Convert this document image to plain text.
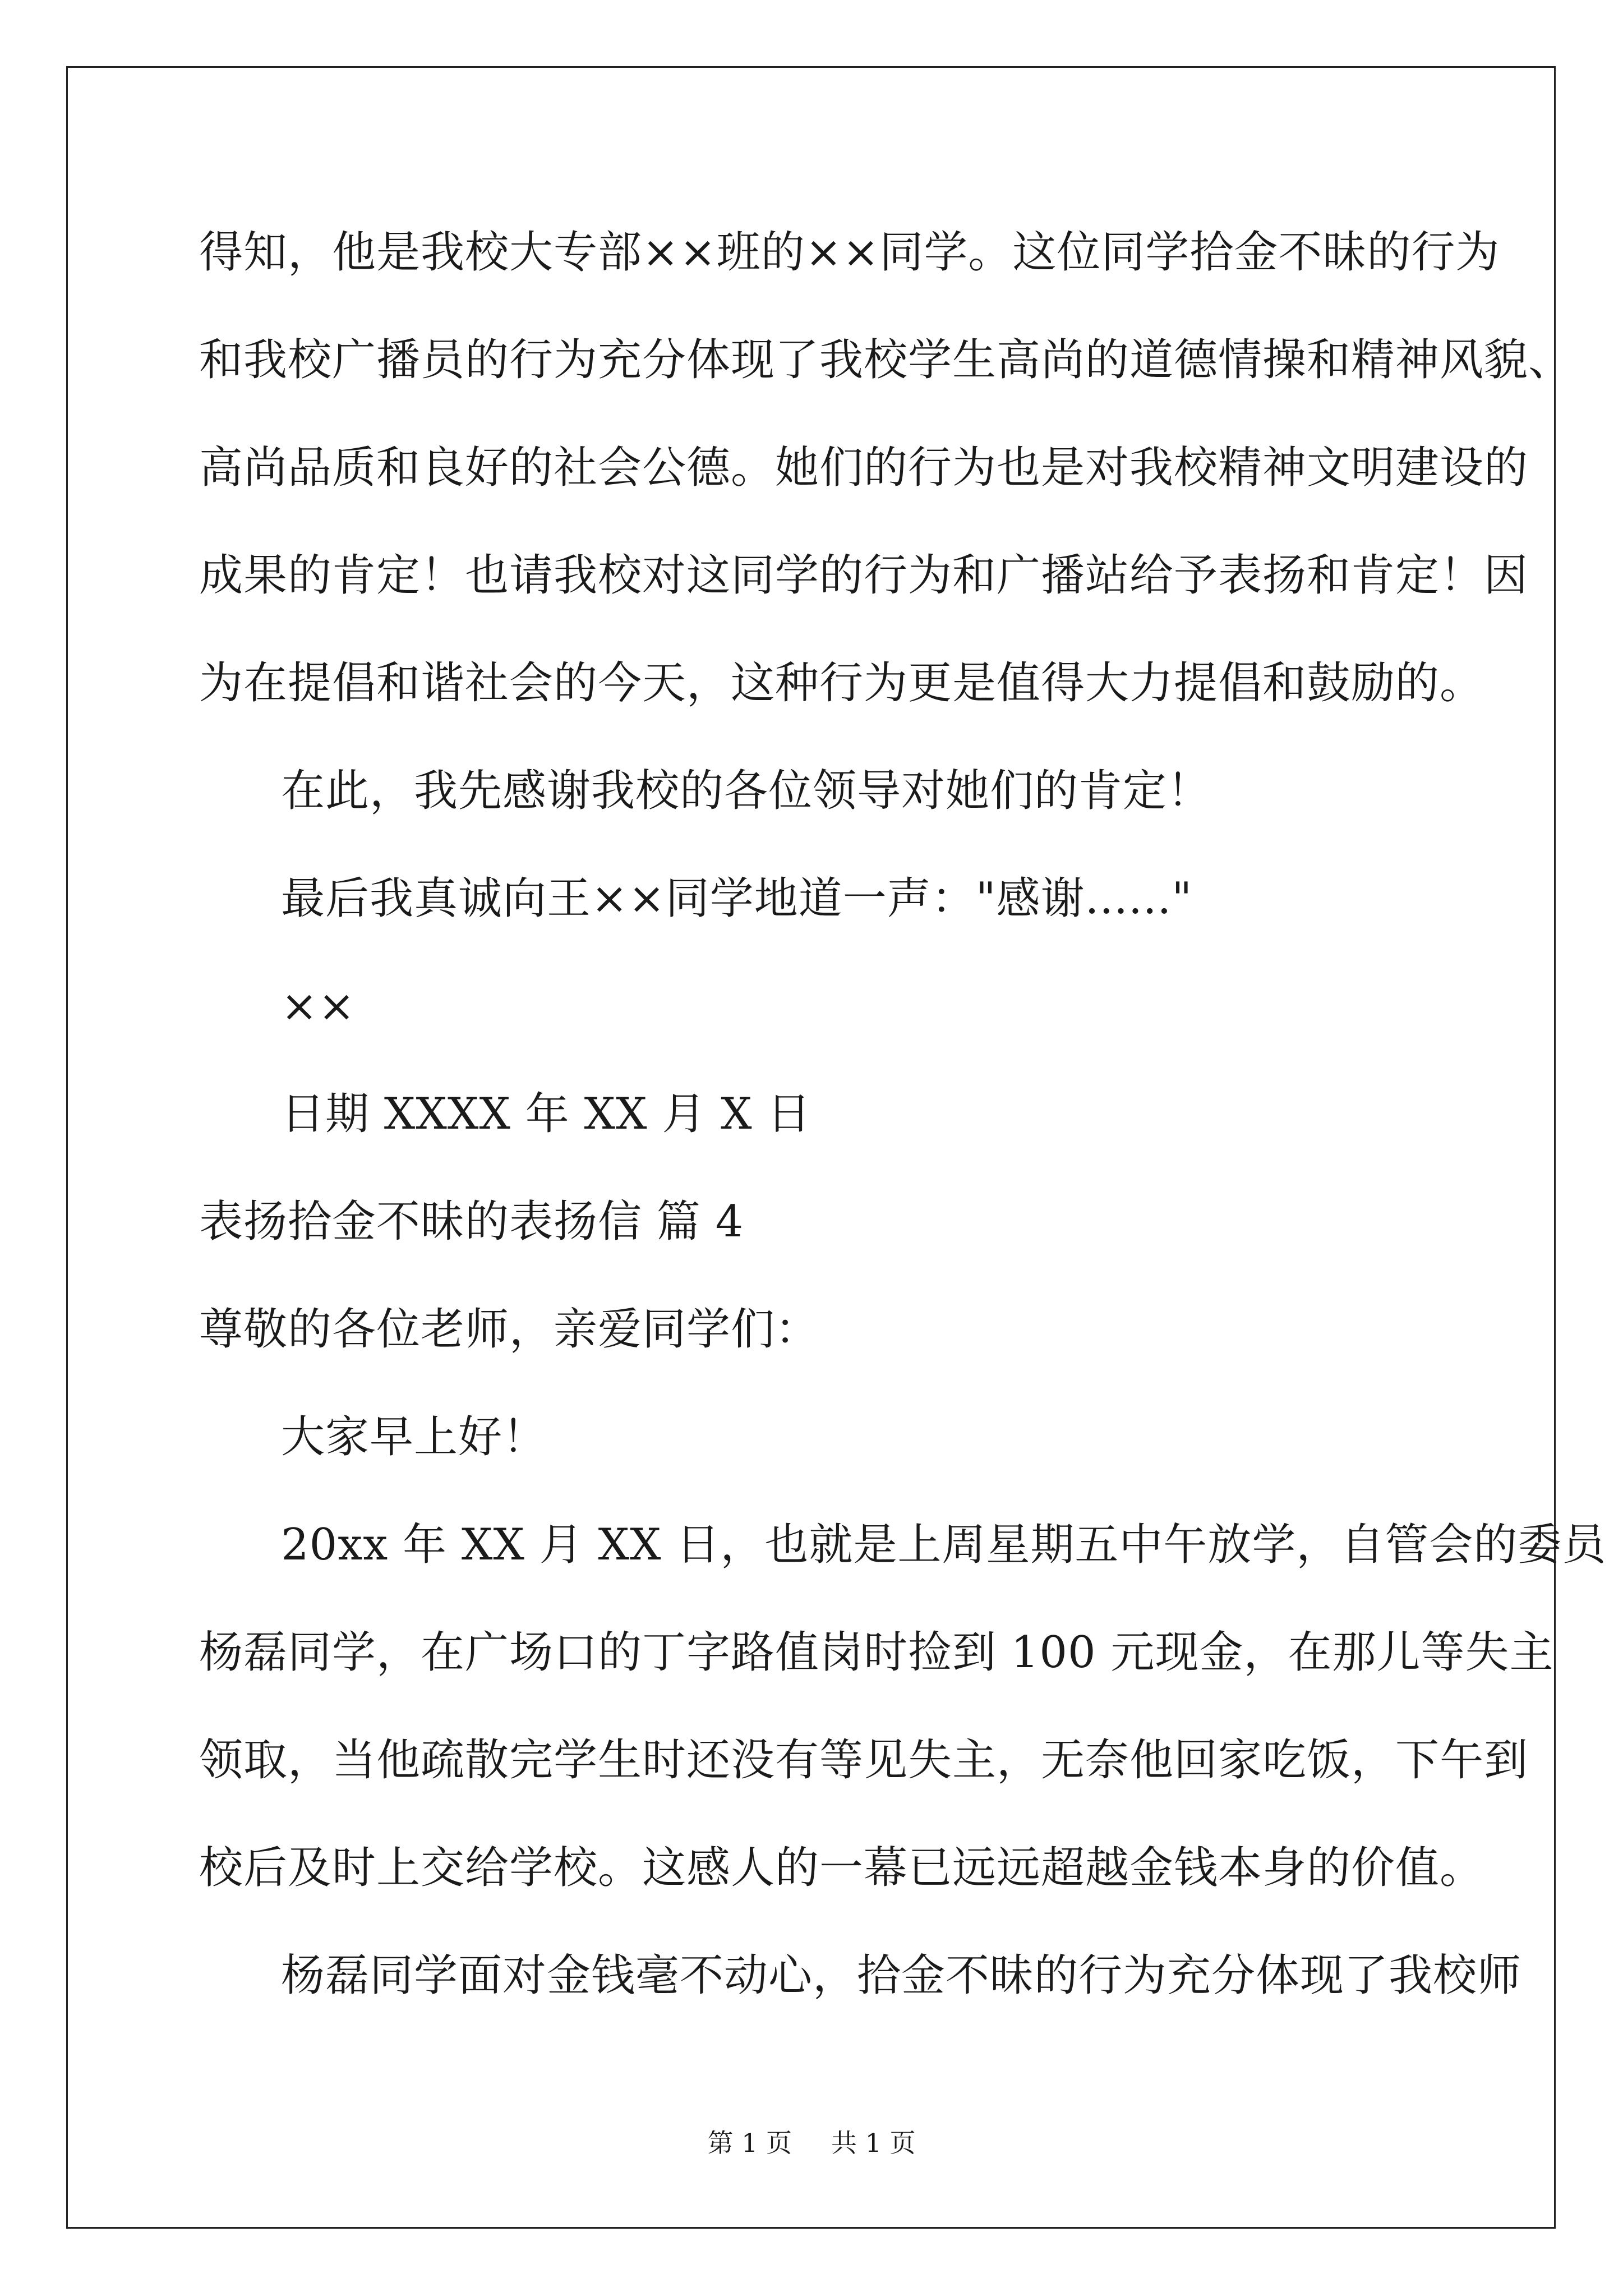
得知，他是我校大专部××班的××同学。这位同学拾金不昧的行为
和我校广播员的行为充分体现了我校学生高尚的道德情操和精神风貌、
高尚品质和良好的社会公德。她们的行为也是对我校精神文明建设的
成果的肯定！也请我校对这同学的行为和广播站给予表扬和肯定！因
为在提倡和谐社会的今天，这种行为更是值得大力提倡和鼓励的。
在此，我先感谢我校的各位领导对她们的肯定！
最后我真诚向王××同学地道一声："感谢......"
××
日期 XXXX 年 XX 月 X 日
表扬拾金不昧的表扬信 篇 4
尊敬的各位老师，亲爱同学们：
大家早上好！
20xx 年 XX 月 XX 日，也就是上周星期五中午放学，自管会的委员
杨磊同学，在广场口的丁字路值岗时捡到 100 元现金，在那儿等失主
领取，当他疏散完学生时还没有等见失主，无奈他回家吃饭，下午到
校后及时上交给学校。这感人的一幕已远远超越金钱本身的价值。
杨磊同学面对金钱毫不动心，拾金不昧的行为充分体现了我校师
第 1 页 共 1 页
